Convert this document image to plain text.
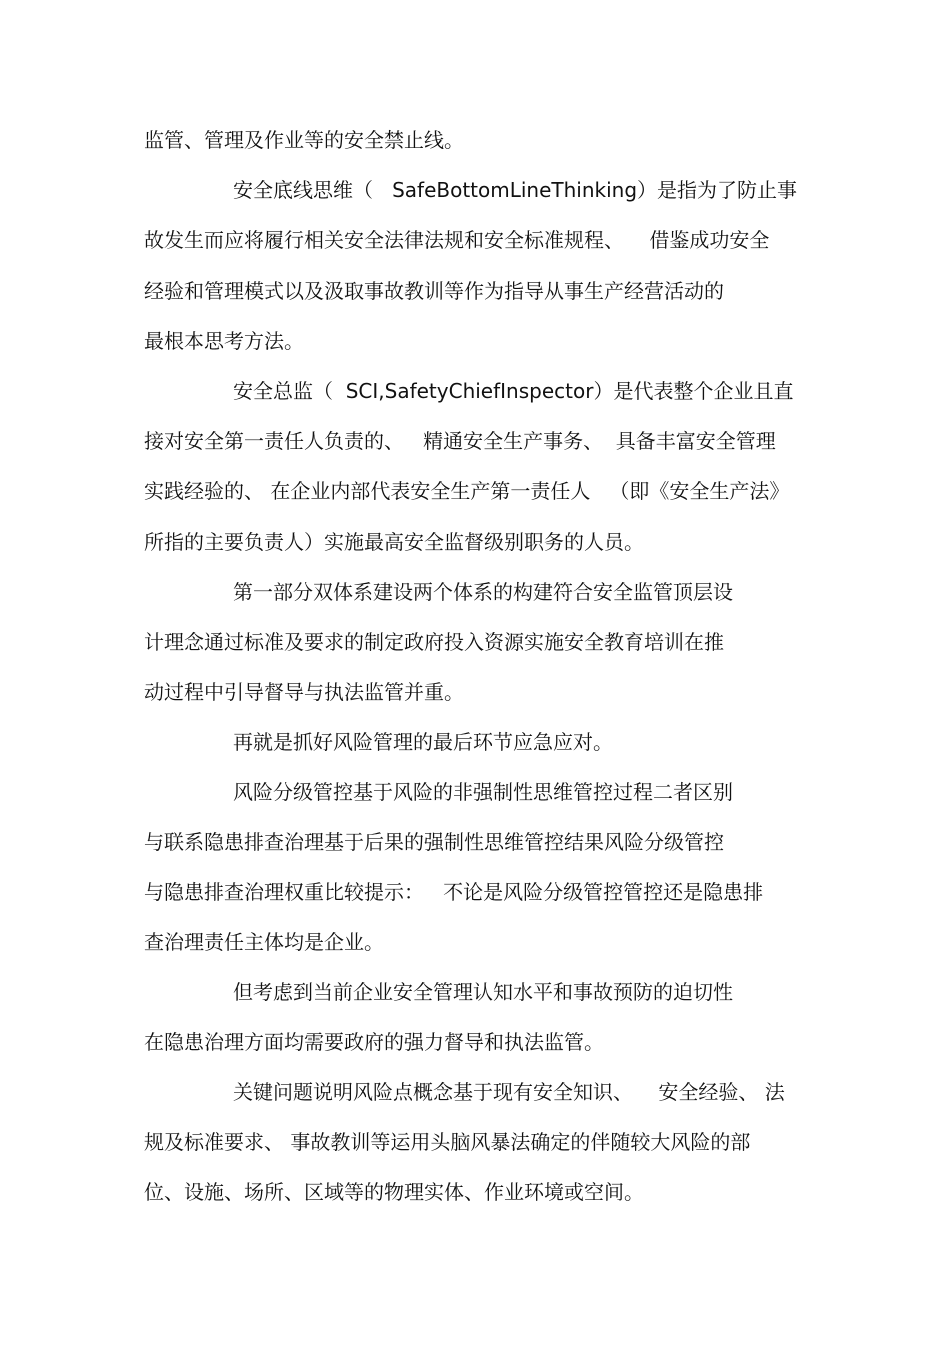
监管、管理及作业等的安全禁止线。
安全底线思维（   SafeBottomLineThinking）是指为了防止事
故发生而应将履行相关安全法律法规和安全标准规程、    借鉴成功安全
经验和管理模式以及汲取事故教训等作为指导从事生产经营活动的
最根本思考方法。
安全总监（  SCI,SafetyChiefInspector）是代表整个企业且直
接对安全第一责任人负责的、   精通安全生产事务、  具备丰富安全管理
实践经验的、 在企业内部代表安全生产第一责任人   （即《安全生产法》
所指的主要负责人）实施最高安全监督级别职务的人员。
第一部分双体系建设两个体系的构建符合安全监管顶层设
计理念通过标准及要求的制定政府投入资源实施安全教育培训在推
动过程中引导督导与执法监管并重。
再就是抓好风险管理的最后环节应急应对。
风险分级管控基于风险的非强制性思维管控过程二者区别
与联系隐患排查治理基于后果的强制性思维管控结果风险分级管控
与隐患排查治理权重比较提示：   不论是风险分级管控管控还是隐患排
查治理责任主体均是企业。
但考虑到当前企业安全管理认知水平和事故预防的迫切性
在隐患治理方面均需要政府的强力督导和执法监管。
关键问题说明风险点概念基于现有安全知识、    安全经验、 法
规及标准要求、 事故教训等运用头脑风暴法确定的伴随较大风险的部
位、设施、场所、区域等的物理实体、作业环境或空间。
